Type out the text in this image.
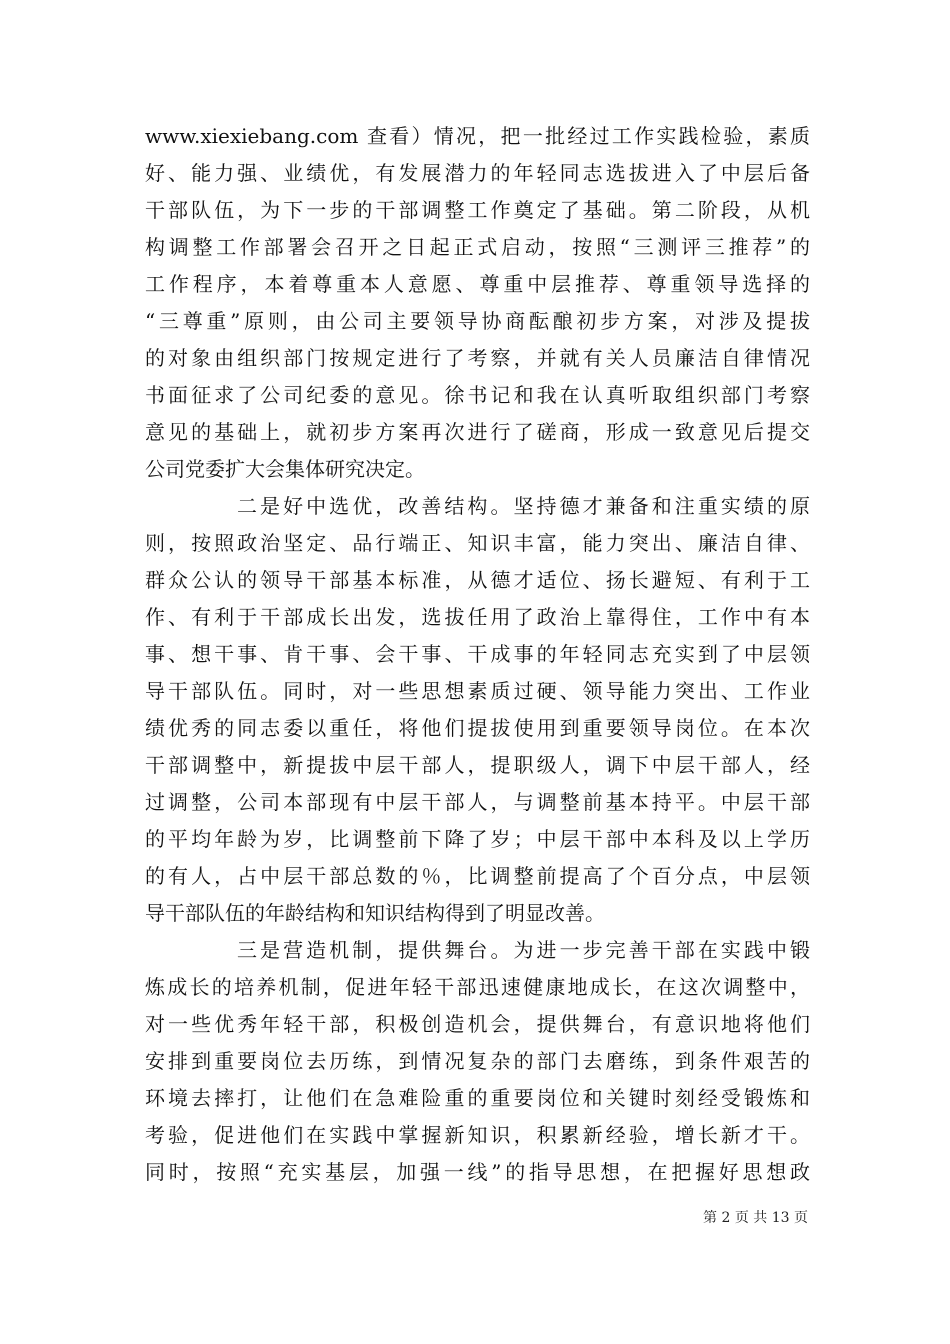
www.xiexiebang.com 查看）情况，把一批经过工作实践检验，素质
好、能力强、业绩优，有发展潜力的年轻同志选拔进入了中层后备
干部队伍，为下一步的干部调整工作奠定了基础。第二阶段，从机
构调整工作部署会召开之日起正式启动，按照“三测评三推荐”的
工作程序，本着尊重本人意愿、尊重中层推荐、尊重领导选择的
“三尊重”原则，由公司主要领导协商酝酿初步方案，对涉及提拔
的对象由组织部门按规定进行了考察，并就有关人员廉洁自律情况
书面征求了公司纪委的意见。徐书记和我在认真听取组织部门考察
意见的基础上，就初步方案再次进行了磋商，形成一致意见后提交
公司党委扩大会集体研究决定。
二是好中选优，改善结构。坚持德才兼备和注重实绩的原
则，按照政治坚定、品行端正、知识丰富，能力突出、廉洁自律、
群众公认的领导干部基本标准，从德才适位、扬长避短、有利于工
作、有利于干部成长出发，选拔任用了政治上靠得住，工作中有本
事、想干事、肯干事、会干事、干成事的年轻同志充实到了中层领
导干部队伍。同时，对一些思想素质过硬、领导能力突出、工作业
绩优秀的同志委以重任，将他们提拔使用到重要领导岗位。在本次
干部调整中，新提拔中层干部人，提职级人，调下中层干部人，经
过调整，公司本部现有中层干部人，与调整前基本持平。中层干部
的平均年龄为岁，比调整前下降了岁；中层干部中本科及以上学历
的有人，占中层干部总数的％，比调整前提高了个百分点，中层领
导干部队伍的年龄结构和知识结构得到了明显改善。
三是营造机制，提供舞台。为进一步完善干部在实践中锻
炼成长的培养机制，促进年轻干部迅速健康地成长，在这次调整中，
对一些优秀年轻干部，积极创造机会，提供舞台，有意识地将他们
安排到重要岗位去历练，到情况复杂的部门去磨练，到条件艰苦的
环境去摔打，让他们在急难险重的重要岗位和关键时刻经受锻炼和
考验，促进他们在实践中掌握新知识，积累新经验，增长新才干。
同时，按照“充实基层，加强一线”的指导思想，在把握好思想政
第 2 页 共 13 页
